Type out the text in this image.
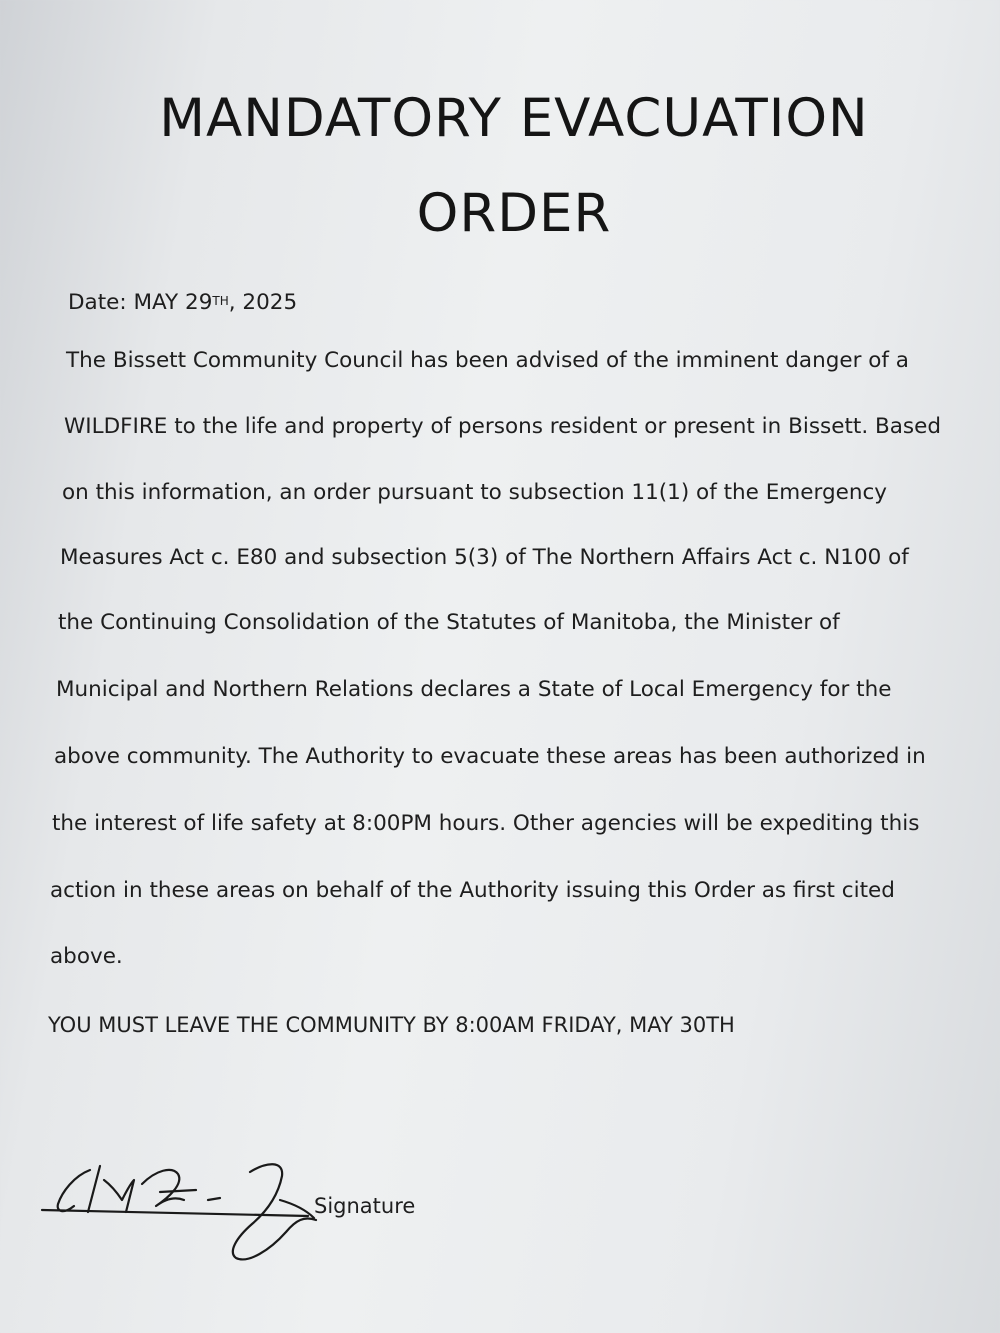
MANDATORY EVACUATION
ORDER

Date: MAY 29TH, 2025

The Bissett Community Council has been advised of the imminent danger of a

WILDFIRE to the life and property of persons resident or present in Bissett. Based

on this information, an order pursuant to subsection 11(1) of the Emergency

Measures Act c. E80 and subsection 5(3) of The Northern Affairs Act c. N100 of

the Continuing Consolidation of the Statutes of Manitoba, the Minister of

Municipal and Northern Relations declares a State of Local Emergency for the

above community. The Authority to evacuate these areas has been authorized in

the interest of life safety at 8:00PM hours. Other agencies will be expediting this

action in these areas on behalf of the Authority issuing this Order as first cited

above.

YOU MUST LEAVE THE COMMUNITY BY 8:00AM FRIDAY, MAY 30TH

Signature
